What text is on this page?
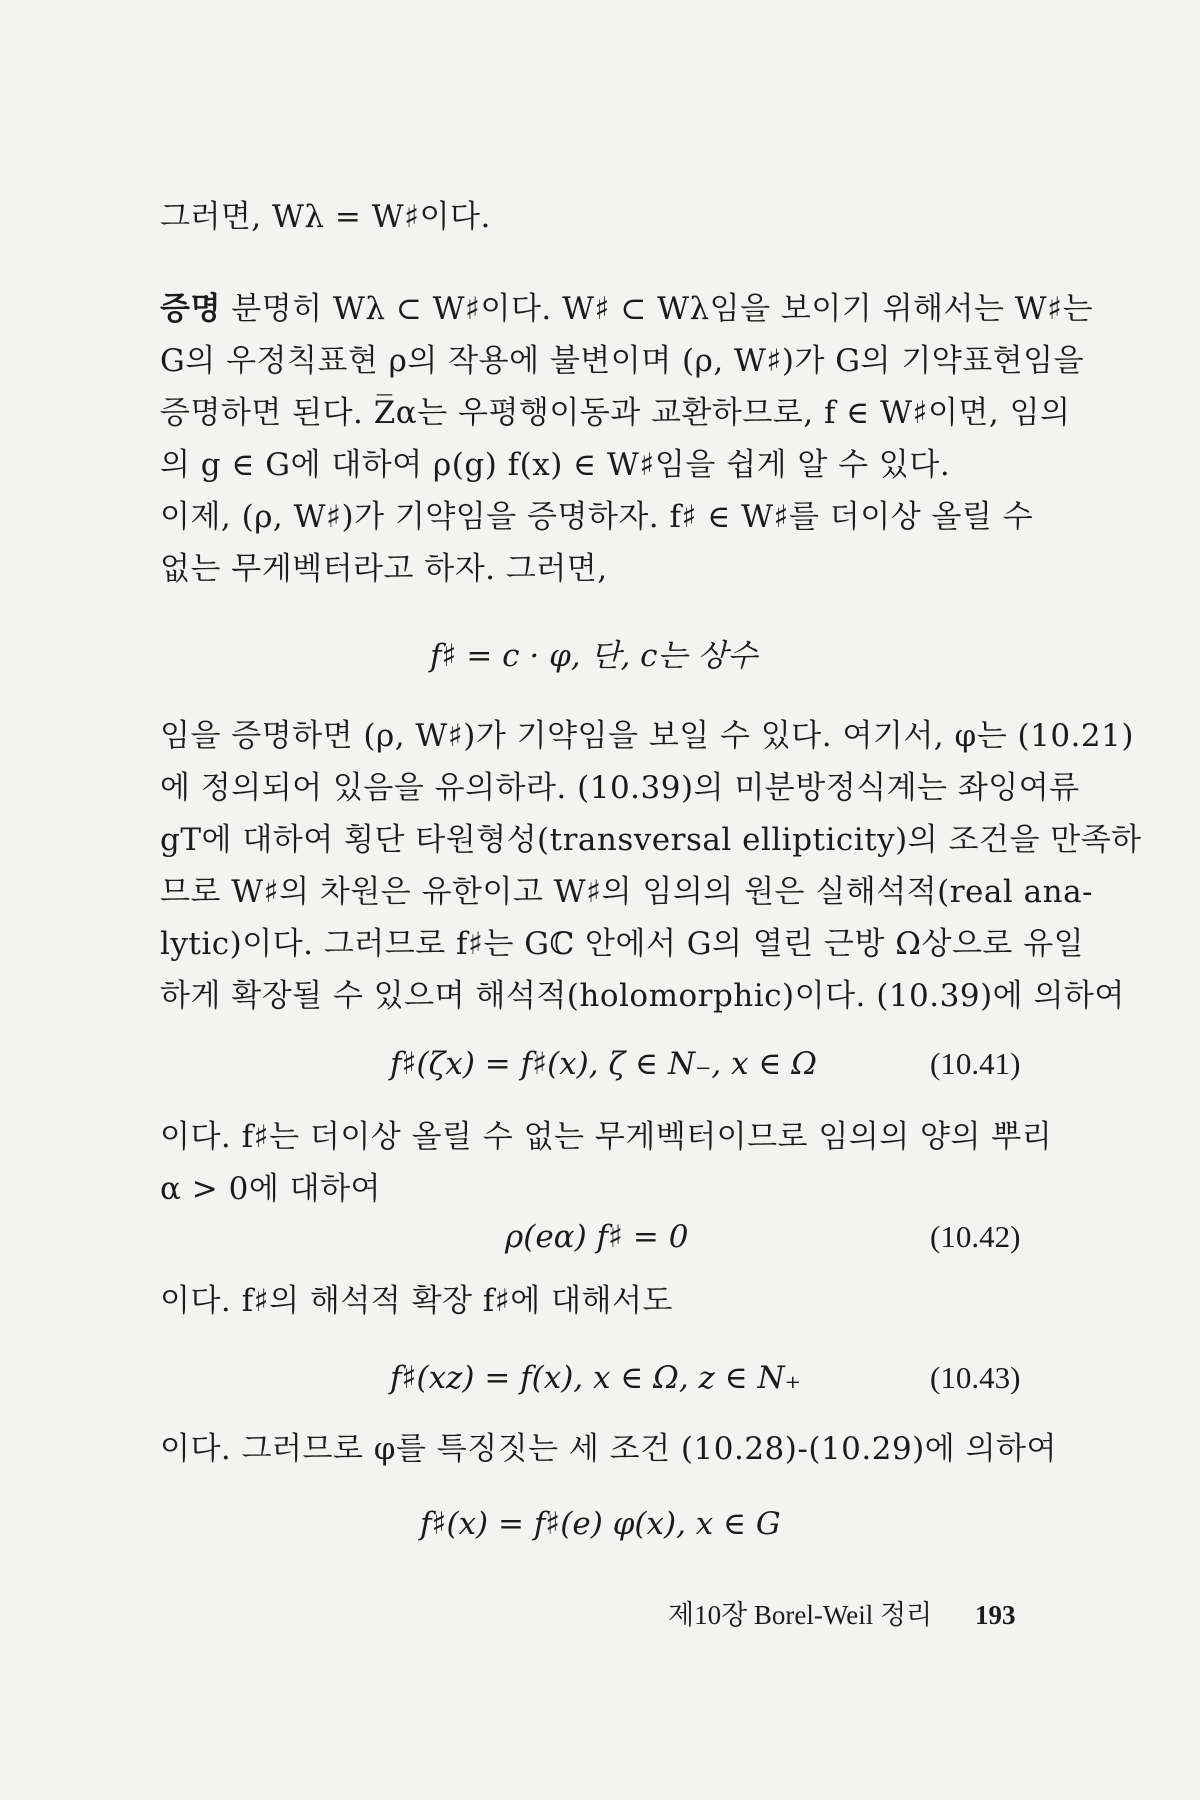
그러면, Wλ = W♯이다.
증명 분명히 Wλ ⊂ W♯이다. W♯ ⊂ Wλ임을 보이기 위해서는 W♯는
G의 우정칙표현 ρ의 작용에 불변이며 (ρ, W♯)가 G의 기약표현임을
증명하면 된다. Z̅α는 우평행이동과 교환하므로, f ∈ W♯이면, 임의
의 g ∈ G에 대하여 ρ(g) f(x) ∈ W♯임을 쉽게 알 수 있다.
이제, (ρ, W♯)가 기약임을 증명하자. f♯ ∈ W♯를 더이상 올릴 수
없는 무게벡터라고 하자. 그러면,
f♯ = c · φ, 단, c는 상수
임을 증명하면 (ρ, W♯)가 기약임을 보일 수 있다. 여기서, φ는 (10.21)
에 정의되어 있음을 유의하라. (10.39)의 미분방정식계는 좌잉여류
gT에 대하여 횡단 타원형성(transversal ellipticity)의 조건을 만족하
므로 W♯의 차원은 유한이고 W♯의 임의의 원은 실해석적(real ana-
lytic)이다. 그러므로 f♯는 Gℂ 안에서 G의 열린 근방 Ω상으로 유일
하게 확장될 수 있으며 해석적(holomorphic)이다. (10.39)에 의하여
f♯(ζx) = f♯(x), ζ ∈ N₋, x ∈ Ω	(10.41)
이다. f♯는 더이상 올릴 수 없는 무게벡터이므로 임의의 양의 뿌리
α > 0에 대하여
ρ(eα) f♯ = 0	(10.42)
이다. f♯의 해석적 확장 f♯에 대해서도
f♯(xz) = f(x), x ∈ Ω, z ∈ N₊	(10.43)
이다. 그러므로 φ를 특징짓는 세 조건 (10.28)-(10.29)에 의하여
f♯(x) = f♯(e) φ(x), x ∈ G
제10장 Borel-Weil 정리 193
